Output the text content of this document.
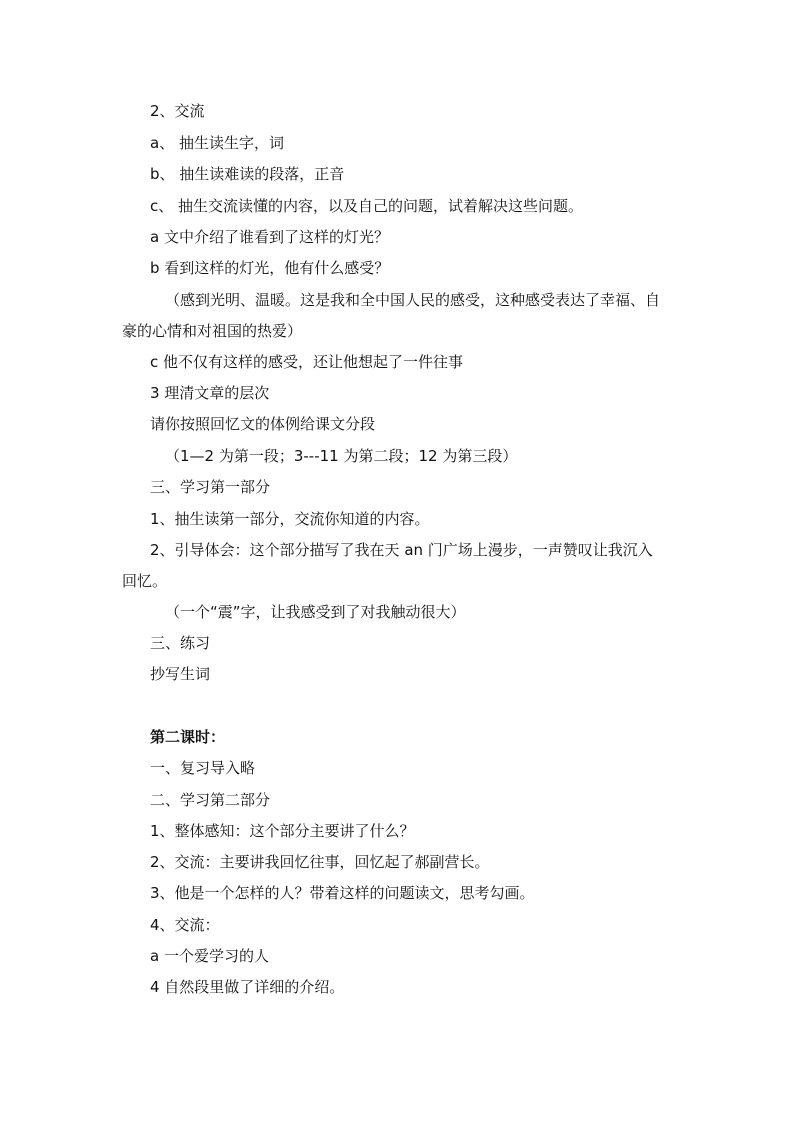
2、交流
a、 抽生读生字，词
b、 抽生读难读的段落，正音
c、 抽生交流读懂的内容，以及自己的问题，试着解决这些问题。
a 文中介绍了谁看到了这样的灯光？
b 看到这样的灯光，他有什么感受？
（感到光明、温暖。这是我和全中国人民的感受，这种感受表达了幸福、自
豪的心情和对祖国的热爱）
c 他不仅有这样的感受，还让他想起了一件往事
3 理清文章的层次
请你按照回忆文的体例给课文分段
（1—2 为第一段；3---11 为第二段；12 为第三段）
三、学习第一部分
1、抽生读第一部分，交流你知道的内容。
2、引导体会：这个部分描写了我在天 an 门广场上漫步，一声赞叹让我沉入
回忆。
（一个“震”字，让我感受到了对我触动很大）
三、练习
抄写生词
第二课时：
一、复习导入略
二、学习第二部分
1、整体感知：这个部分主要讲了什么？
2、交流：主要讲我回忆往事，回忆起了郝副营长。
3、他是一个怎样的人？带着这样的问题读文，思考勾画。
4、交流：
a 一个爱学习的人
4 自然段里做了详细的介绍。
